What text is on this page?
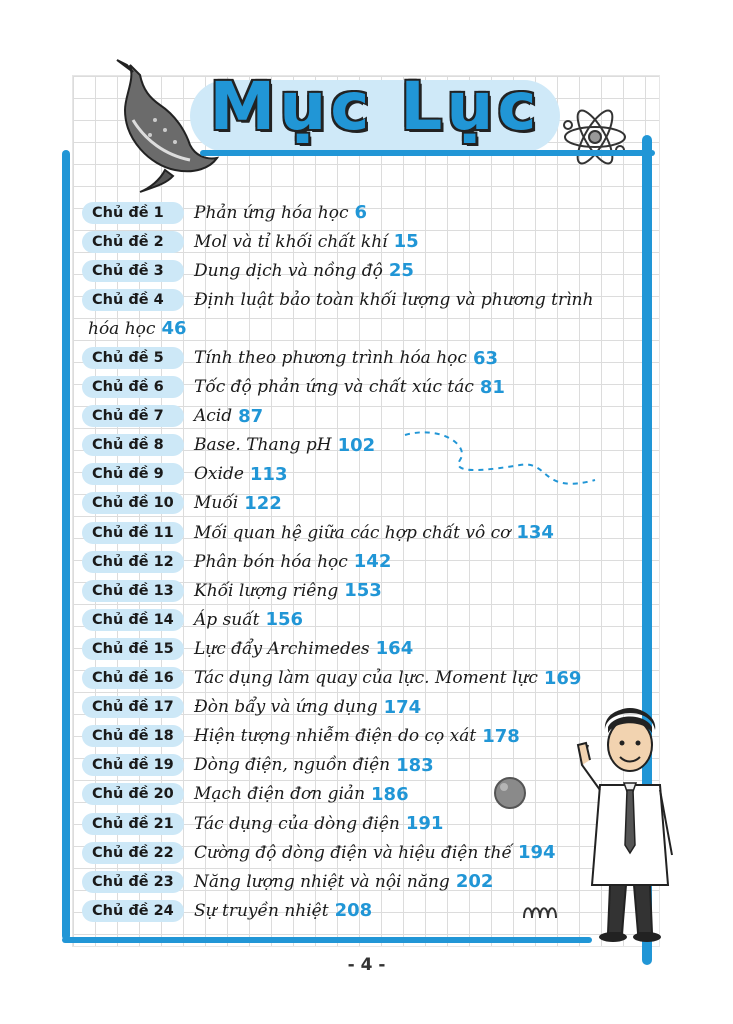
Mục Lục
Chủ đề 1	Phản ứng hóa học 6
Chủ đề 2	Mol và tỉ khối chất khí 15
Chủ đề 3	Dung dịch và nồng độ 25
Chủ đề 4	Định luật bảo toàn khối lượng và phương trình
hóa học 46
Chủ đề 5	Tính theo phương trình hóa học 63
Chủ đề 6	Tốc độ phản ứng và chất xúc tác 81
Chủ đề 7	Acid 87
Chủ đề 8	Base. Thang pH 102
Chủ đề 9	Oxide 113
Chủ đề 10	Muối 122
Chủ đề 11	Mối quan hệ giữa các hợp chất vô cơ 134
Chủ đề 12	Phân bón hóa học 142
Chủ đề 13	Khối lượng riêng 153
Chủ đề 14	Áp suất 156
Chủ đề 15	Lực đẩy Archimedes 164
Chủ đề 16	Tác dụng làm quay của lực. Moment lực 169
Chủ đề 17	Đòn bẩy và ứng dụng 174
Chủ đề 18	Hiện tượng nhiễm điện do cọ xát 178
Chủ đề 19	Dòng điện, nguồn điện 183
Chủ đề 20	Mạch điện đơn giản 186
Chủ đề 21	Tác dụng của dòng điện 191
Chủ đề 22	Cường độ dòng điện và hiệu điện thế 194
Chủ đề 23	Năng lượng nhiệt và nội năng 202
Chủ đề 24	Sự truyền nhiệt 208
- 4 -
